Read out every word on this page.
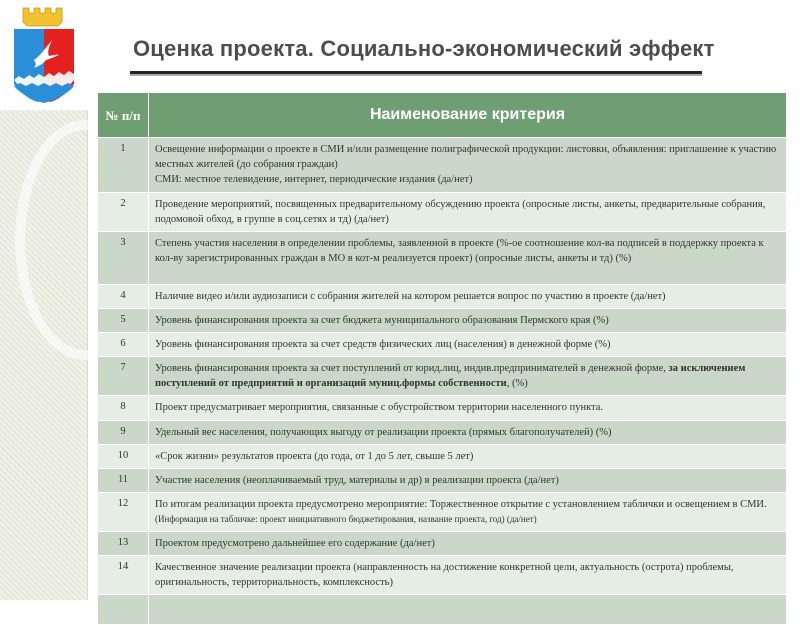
Оценка проекта. Социально-экономический эффект
№ п/п	Наименование критерия
1	Освещение информации о проекте в СМИ и/или размещение полиграфической продукции: листовки, объявления: приглашение к участию местных жителей (до собрания граждан)
СМИ: местное телевидение, интернет, периодические издания (да/нет)
2	Проведение мероприятий, посвященных предварительному обсуждению проекта (опросные листы, анкеты, предварительные собрания, подомовой обход, в группе в соц.сетях и тд) (да/нет)
3	Степень участия населения в определении проблемы, заявленной в проекте (%-ое соотношение кол-ва подписей в поддержку проекта к кол-ву зарегистрированных граждан в МО в кот-м реализуется проект) (опросные листы, анкеты и тд) (%)
4	Наличие видео и/или аудиозаписи с собрания жителей на котором решается вопрос по участию в проекте (да/нет)
5	Уровень финансирования проекта за счет бюджета муниципального образования Пермского края (%)
6	Уровень финансирования проекта за счет средств физических лиц (населения) в денежной форме (%)
7	Уровень финансирования проекта за счет поступлений от юрид.лиц, индив.предпринимателей в денежной форме, за исключением поступлений от предприятий и организаций муниц.формы собственности, (%)
8	Проект предусматривает мероприятия, связанные с обустройством территории населенного пункта.
9	Удельный вес населения, получающих выгоду от реализации проекта (прямых благополучателей) (%)
10	«Срок жизни» результатов проекта (до года, от 1 до 5 лет, свыше 5 лет)
11	Участие населения (неоплачиваемый труд, материалы и др) в реализации проекта (да/нет)
12	По итогам реализации проекта предусмотрено мероприятие: Торжественное открытие с установлением таблички и освещением в СМИ. (Информация на табличке: проект инициативного бюджетирования, название проекта, год) (да/нет)
13	Проектом предусмотрено дальнейшее его содержание (да/нет)
14	Качественное значение реализации проекта (направленность на достижение конкретной цели, актуальность (острота) проблемы, оригинальность, территориальность, комплексность)
